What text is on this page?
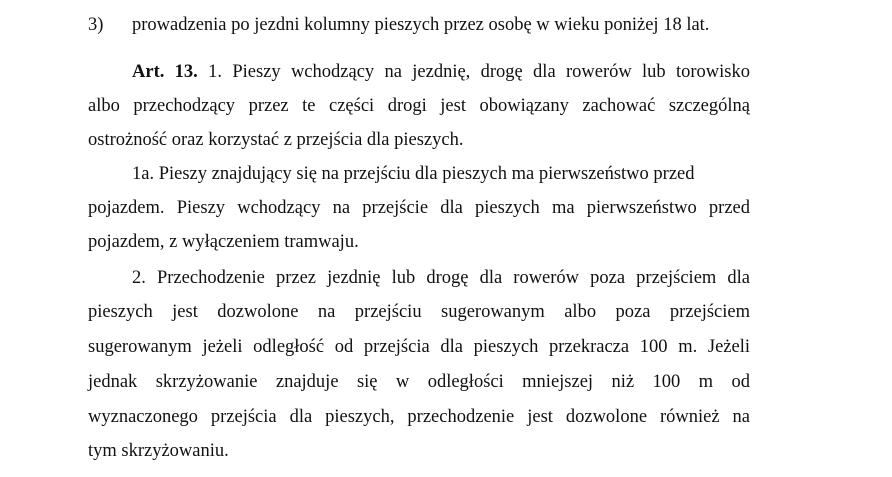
3) prowadzenia po jezdni kolumny pieszych przez osobę w wieku poniżej 18 lat.
Art. 13. 1. Pieszy wchodzący na jezdnię, drogę dla rowerów lub torowisko
albo przechodzący przez te części drogi jest obowiązany zachować szczególną
ostrożność oraz korzystać z przejścia dla pieszych.
1a. Pieszy znajdujący się na przejściu dla pieszych ma pierwszeństwo przed
pojazdem. Pieszy wchodzący na przejście dla pieszych ma pierwszeństwo przed
pojazdem, z wyłączeniem tramwaju.
2. Przechodzenie przez jezdnię lub drogę dla rowerów poza przejściem dla
pieszych jest dozwolone na przejściu sugerowanym albo poza przejściem
sugerowanym jeżeli odległość od przejścia dla pieszych przekracza 100 m. Jeżeli
jednak skrzyżowanie znajduje się w odległości mniejszej niż 100 m od
wyznaczonego przejścia dla pieszych, przechodzenie jest dozwolone również na
tym skrzyżowaniu.
